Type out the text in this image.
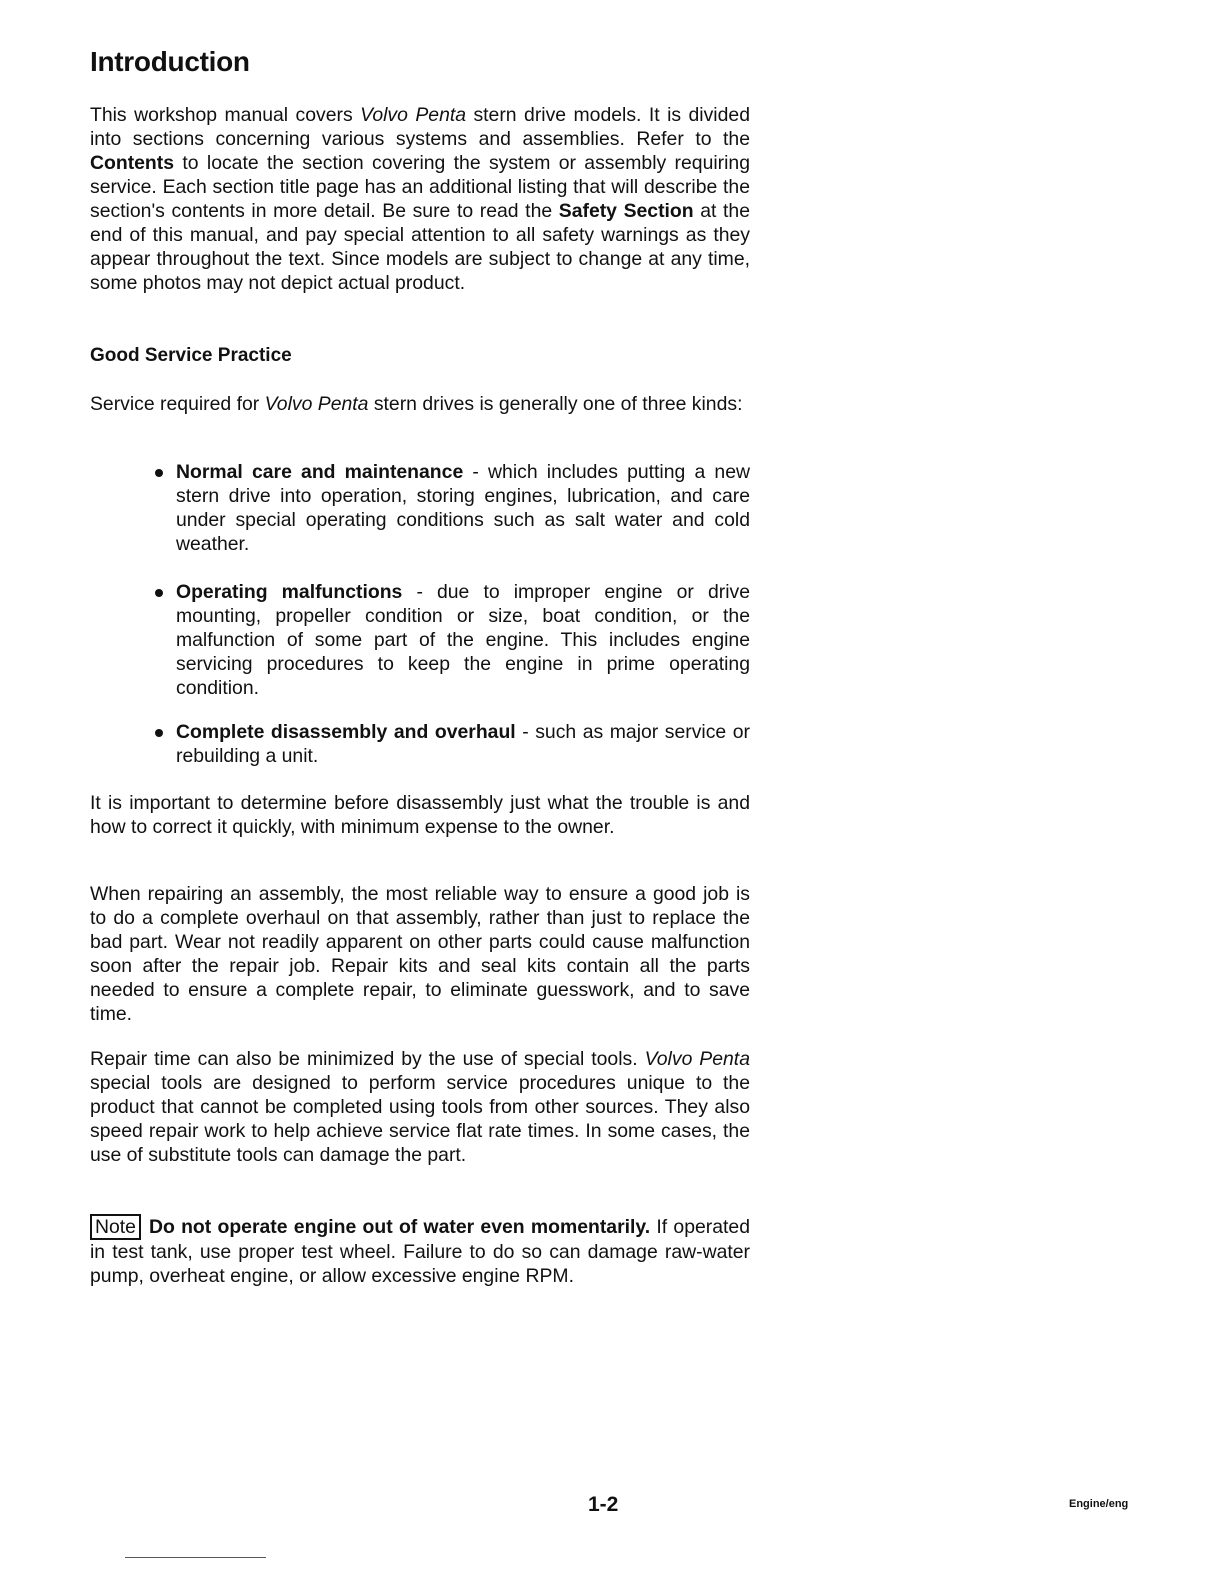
Introduction

This workshop manual covers Volvo Penta stern drive models. It is divided into sections concerning various systems and assemblies. Refer to the Contents to locate the section covering the system or assembly requiring service. Each section title page has an additional listing that will describe the section's contents in more detail. Be sure to read the Safety Section at the end of this manual, and pay special attention to all safety warnings as they appear throughout the text. Since models are subject to change at any time, some photos may not depict actual product.

Good Service Practice

Service required for Volvo Penta stern drives is generally one of three kinds:

Normal care and maintenance - which includes putting a new stern drive into operation, storing engines, lubrication, and care under special operating conditions such as salt water and cold weather.

Operating malfunctions - due to improper engine or drive mounting, propeller condition or size, boat condition, or the malfunction of some part of the engine. This includes engine servicing procedures to keep the engine in prime operating condition.

Complete disassembly and overhaul - such as major service or rebuilding a unit.

It is important to determine before disassembly just what the trouble is and how to correct it quickly, with minimum expense to the owner.

When repairing an assembly, the most reliable way to ensure a good job is to do a complete overhaul on that assembly, rather than just to replace the bad part. Wear not readily apparent on other parts could cause malfunction soon after the repair job. Repair kits and seal kits contain all the parts needed to ensure a complete repair, to eliminate guesswork, and to save time.

Repair time can also be minimized by the use of special tools. Volvo Penta special tools are designed to perform service procedures unique to the product that cannot be completed using tools from other sources. They also speed repair work to help achieve service flat rate times. In some cases, the use of substitute tools can damage the part.

Note Do not operate engine out of water even momentarily. If operated in test tank, use proper test wheel. Failure to do so can damage raw-water pump, overheat engine, or allow excessive engine RPM.

1-2	Engine/eng
